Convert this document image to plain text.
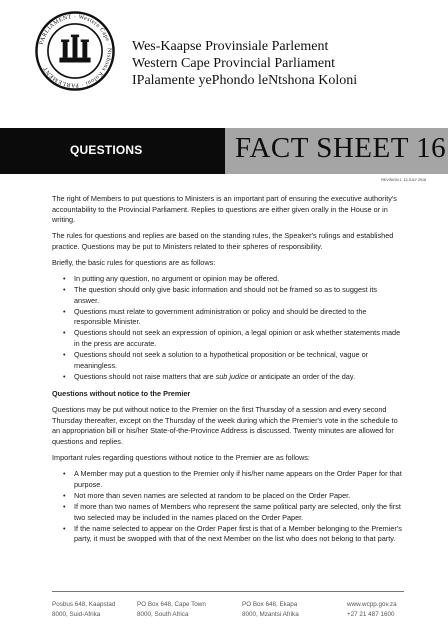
PARLIAMENT · Western Cape · Ntshona Koloni · PARLEMENT
Wes-Kaapse Provinsiale Parlement
Western Cape Provincial Parliament
IPalamente yePhondo leNtshona Koloni
QUESTIONS	FACT SHEET 16
REVISION 1, 13 JULY 2018

The right of Members to put questions to Ministers is an important part of ensuring the executive authority's accountability to the Provincial Parliament. Replies to questions are either given orally in the House or in writing.

The rules for questions and replies are based on the standing rules, the Speaker's rulings and established practice. Questions may be put to Ministers related to their spheres of responsibility.

Briefly, the basic rules for questions are as follows:

• In putting any question, no argument or opinion may be offered.
• The question should only give basic information and should not be framed so as to suggest its answer.
• Questions must relate to government administration or policy and should be directed to the responsible Minister.
• Questions should not seek an expression of opinion, a legal opinion or ask whether statements made in the press are accurate.
• Questions should not seek a solution to a hypothetical proposition or be technical, vague or meaningless.
• Questions should not raise matters that are sub judice or anticipate an order of the day.
Questions without notice to the Premier

Questions may be put without notice to the Premier on the first Thursday of a session and every second Thursday thereafter, except on the Thursday of the week during which the Premier's vote in the schedule to an appropriation bill or his/her State-of-the-Province Address is discussed. Twenty minutes are allowed for questions and replies.

Important rules regarding questions without notice to the Premier are as follows:

• A Member may put a question to the Premier only if his/her name appears on the Order Paper for that purpose.
• Not more than seven names are selected at random to be placed on the Order Paper.
• If more than two names of Members who represent the same political party are selected, only the first two selected may be included in the names placed on the Order Paper.
• If the name selected to appear on the Order Paper first is that of a Member belonging to the Premier's party, it must be swopped with that of the next Member on the list who does not belong to that party.
Posbus 648, Kaapstad
8000, Suid-Afrika
PO Box 648, Cape Town
8000, South Africa
PO Box 648, Ekapa
8000, Mzantsi Afrika
www.wcpp.gov.za
+27 21 487 1600
